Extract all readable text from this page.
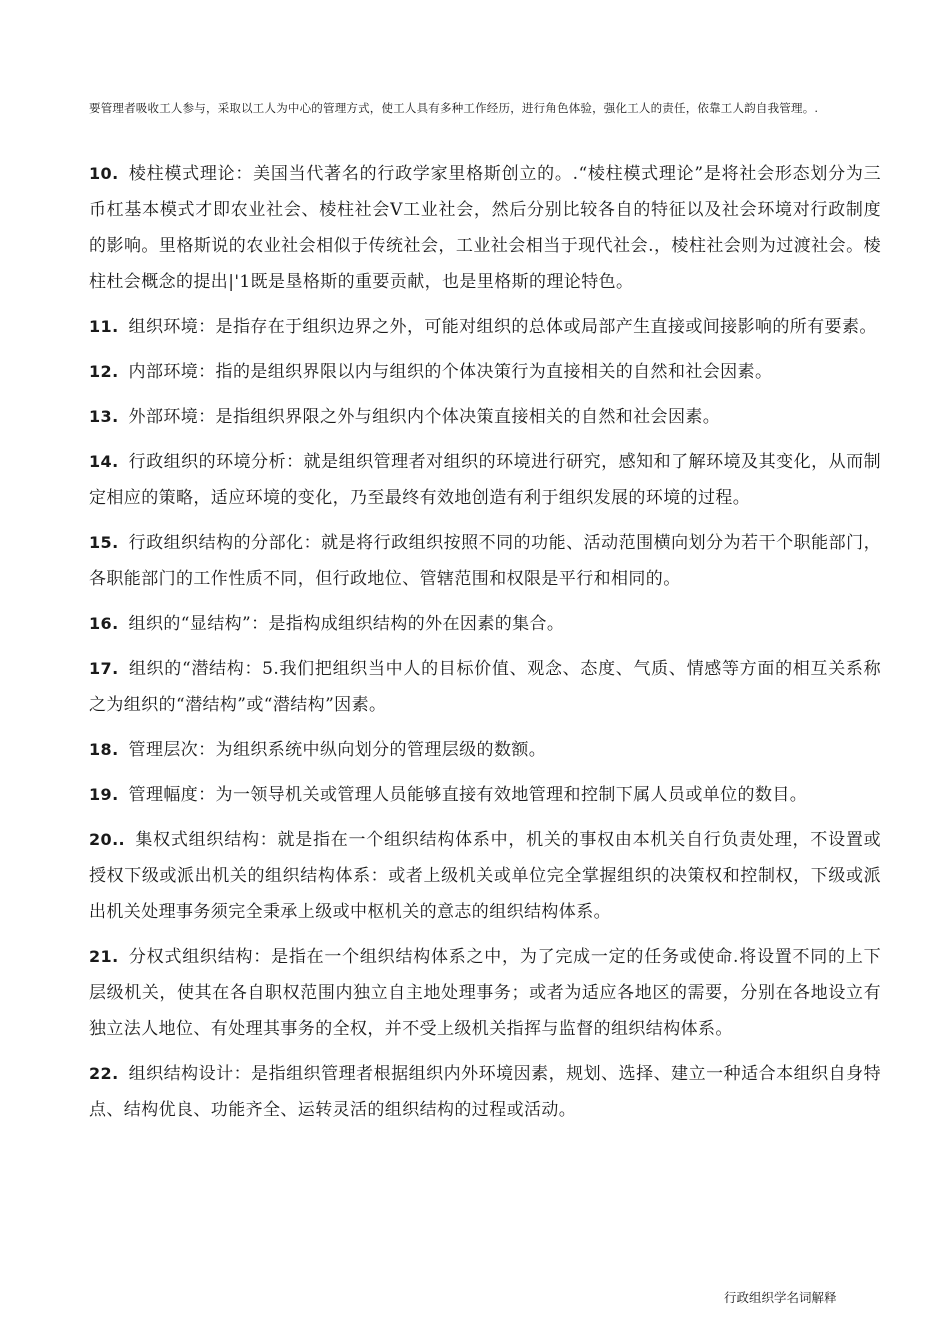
要管理者吸收工人参与，采取以工人为中心的管理方式，使工人具有多种工作经历，进行角色体验，强化工人的责任，依靠工人韵自我管理。.
10. 棱柱模式理论：美国当代著名的行政学家里格斯创立的。.“棱柱模式理论”是将社会形态划分为三币杠基本模式才即农业社会、棱柱社会V工业社会，然后分别比较各自的特征以及社会环境对行政制度的影响。里格斯说的农业社会相似于传统社会，工业社会相当于现代社会.，棱柱社会则为过渡社会。棱柱杜会概念的提出|'1既是垦格斯的重要贡献，也是里格斯的理论特色。
11. 组织环境：是指存在于组织边界之外，可能对组织的总体或局部产生直接或间接影响的所有要素。
12. 内部环境：指的是组织界限以内与组织的个体决策行为直接相关的自然和社会因素。
13. 外部环境：是指组织界限之外与组织内个体决策直接相关的自然和社会因素。
14. 行政组织的环境分析：就是组织管理者对组织的环境进行研究，感知和了解环境及其变化，从而制定相应的策略，适应环境的变化，乃至最终有效地创造有利于组织发展的环境的过程。
15. 行政组织结构的分部化：就是将行政组织按照不同的功能、活动范围横向划分为若干个职能部门，各职能部门的工作性质不同，但行政地位、管辖范围和权限是平行和相同的。
16. 组织的“显结构”：是指构成组织结构的外在因素的集合。
17. 组织的“潜结构：5.我们把组织当中人的目标价值、观念、态度、气质、情感等方面的相互关系称之为组织的“潜结构”或“潜结构”因素。
18. 管理层次：为组织系统中纵向划分的管理层级的数额。
19. 管理幅度：为一领导机关或管理人员能够直接有效地管理和控制下属人员或单位的数目。
20.. 集权式组织结构：就是指在一个组织结构体系中，机关的事权由本机关自行负责处理，不设置或授权下级或派出机关的组织结构体系：或者上级机关或单位完全掌握组织的决策权和控制权，下级或派出机关处理事务须完全秉承上级或中枢机关的意志的组织结构体系。
21. 分权式组织结构：是指在一个组织结构体系之中，为了完成一定的任务或使命.将设置不同的上下层级机关，使其在各自职权范围内独立自主地处理事务；或者为适应各地区的需要，分别在各地设立有独立法人地位、有处理其事务的全权，并不受上级机关指挥与监督的组织结构体系。
22. 组织结构设计：是指组织管理者根据组织内外环境因素，规划、选择、建立一种适合本组织自身特点、结构优良、功能齐全、运转灵活的组织结构的过程或活动。
行政组织学名词解释
